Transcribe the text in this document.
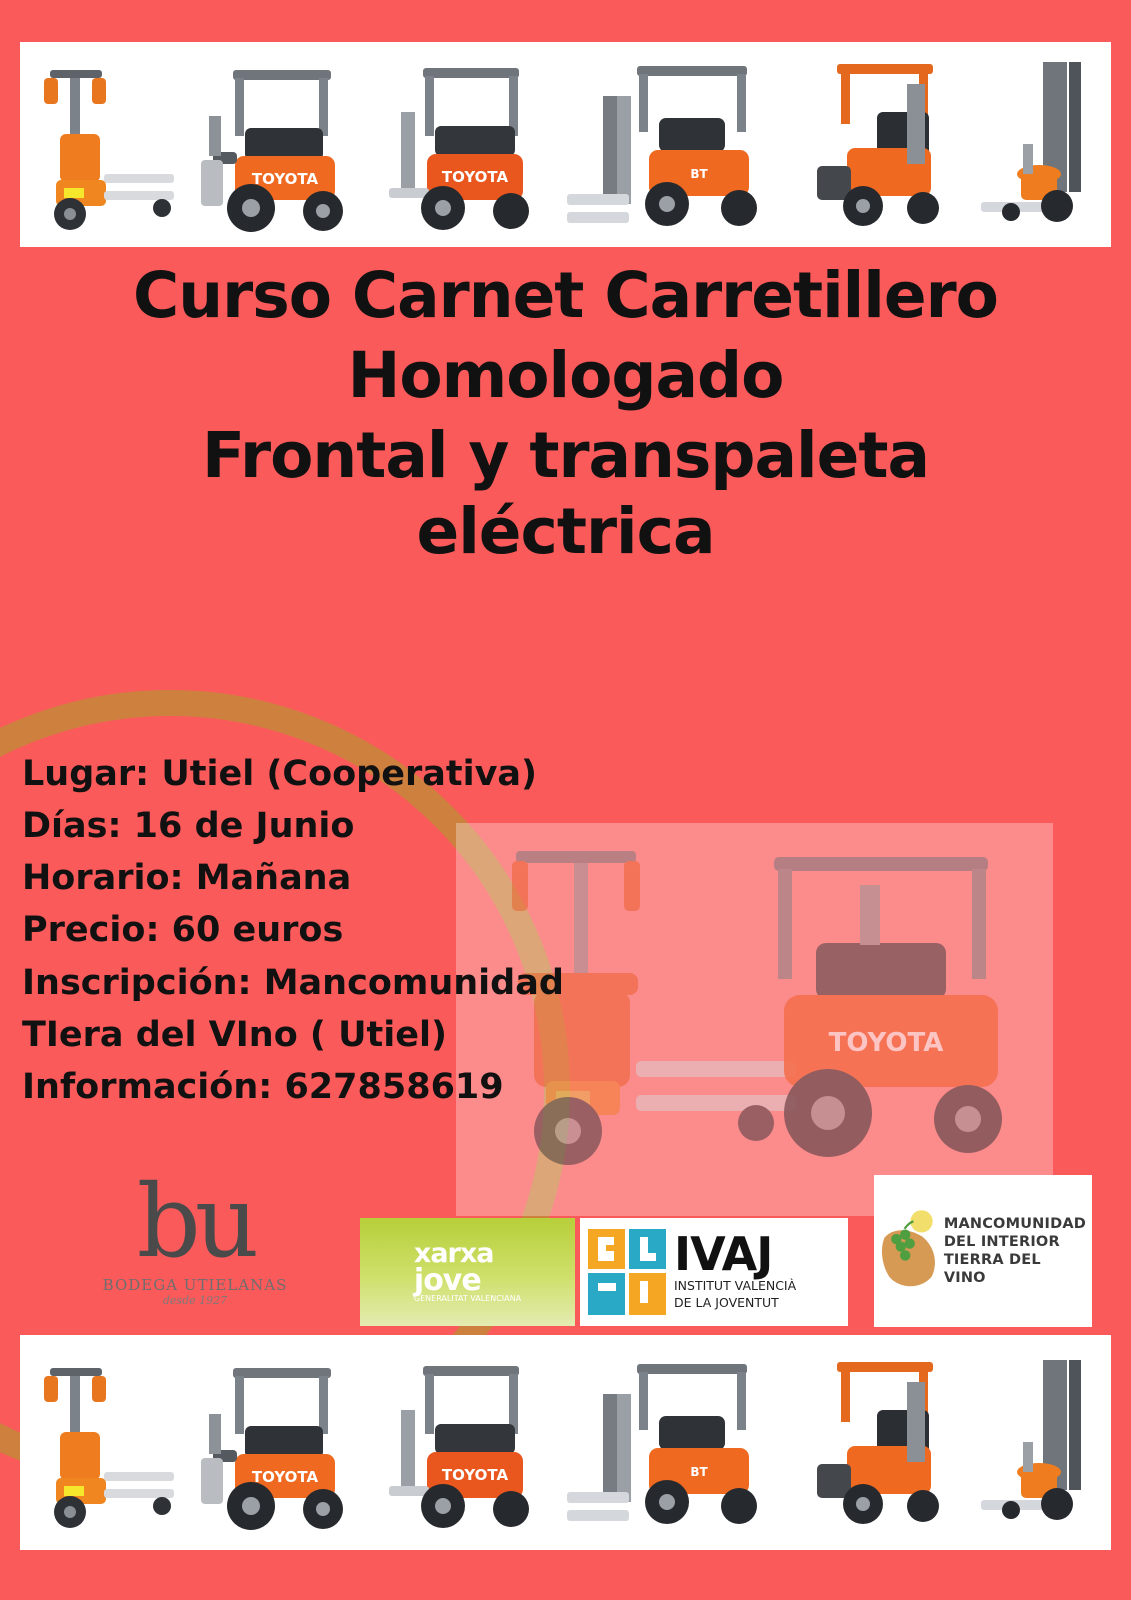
TOYOTA	TOYOTA	BT
Curso Carnet Carretillero
Homologado
Frontal y transpaleta
eléctrica
TOYOTA
Lugar: Utiel (Cooperativa)
Días: 16 de Junio
Horario: Mañana
Precio: 60 euros
Inscripción: Mancomunidad
TIera del VIno ( Utiel)
Información: 627858619
bu
BODEGA UTIELANAS
desde 1927
xarxa
jove
GENERALITAT VALENCIANA
IVAJ
INSTITUT VALENCIÀ
DE LA JOVENTUT
MANCOMUNIDAD
DEL INTERIOR
TIERRA DEL VINO
TOYOTA	TOYOTA	BT
